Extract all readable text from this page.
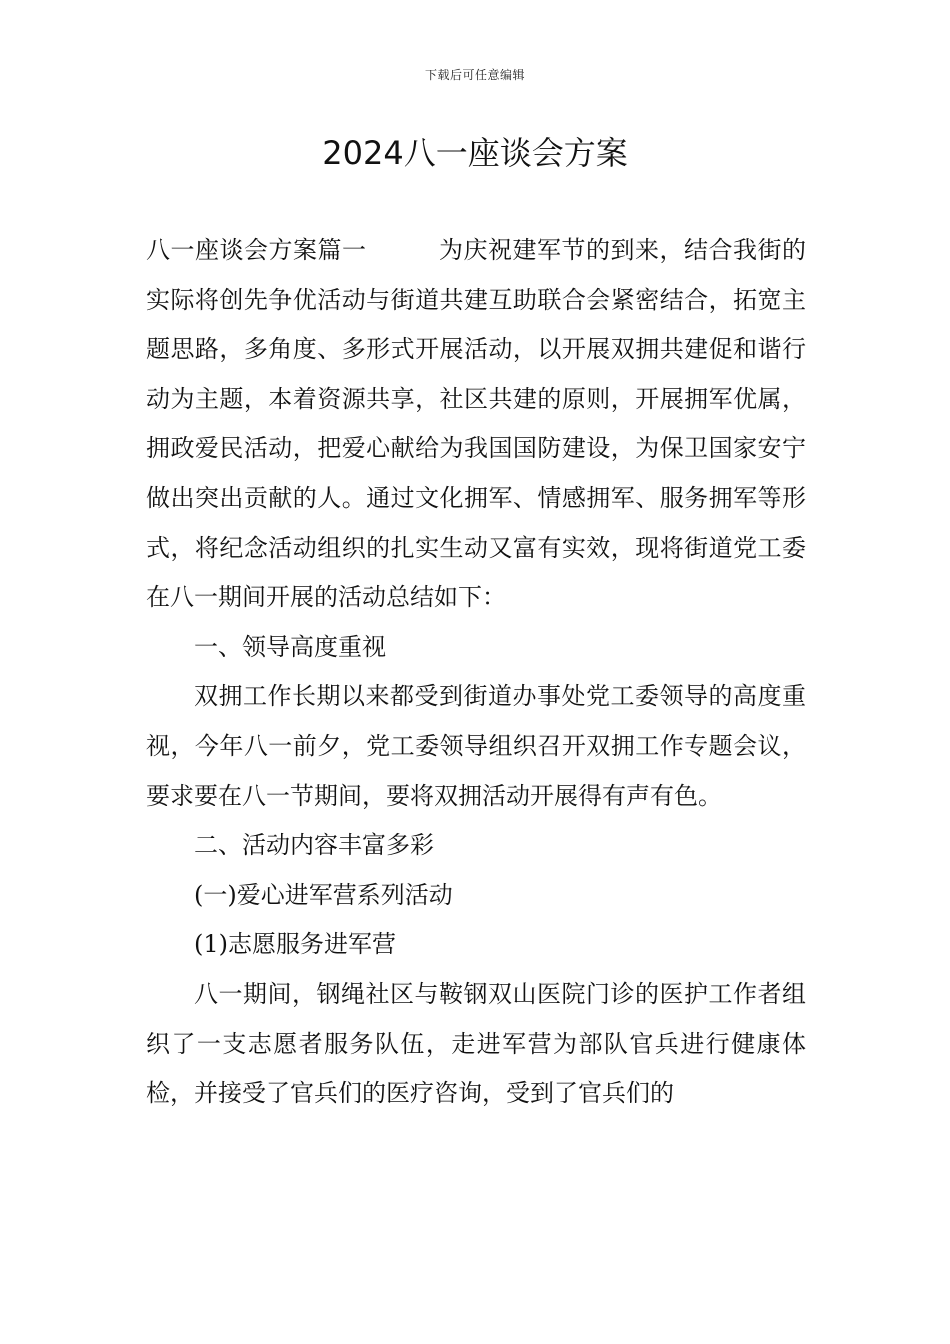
下载后可任意编辑
2024八一座谈会方案

八一座谈会方案篇一	为庆祝建军节的到来，结合我街的实际将创先争优活动与街道共建互助联合会紧密结合，拓宽主题思路，多角度、多形式开展活动，以开展双拥共建促和谐行动为主题，本着资源共享，社区共建的原则，开展拥军优属，拥政爱民活动，把爱心献给为我国国防建设，为保卫国家安宁做出突出贡献的人。通过文化拥军、情感拥军、服务拥军等形式，将纪念活动组织的扎实生动又富有实效，现将街道党工委在八一期间开展的活动总结如下：

一、领导高度重视

双拥工作长期以来都受到街道办事处党工委领导的高度重视，今年八一前夕，党工委领导组织召开双拥工作专题会议，要求要在八一节期间，要将双拥活动开展得有声有色。

二、活动内容丰富多彩

(一)爱心进军营系列活动

(1)志愿服务进军营

八一期间，钢绳社区与鞍钢双山医院门诊的医护工作者组织了一支志愿者服务队伍，走进军营为部队官兵进行健康体检，并接受了官兵们的医疗咨询，受到了官兵们的
